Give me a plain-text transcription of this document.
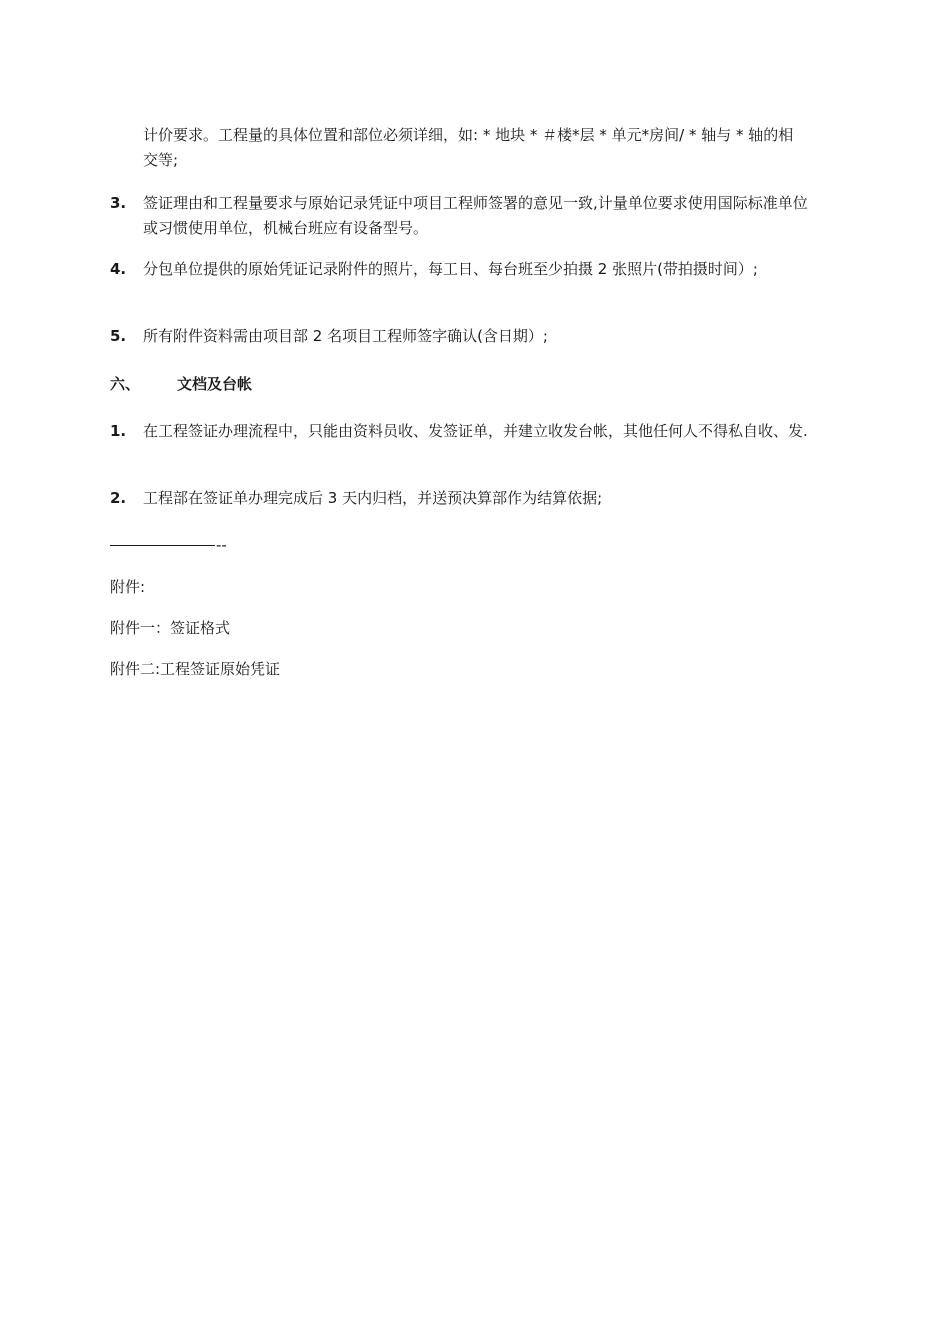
计价要求。工程量的具体位置和部位必须详细，如: * 地块 * ＃楼*层 * 单元*房间/ * 轴与 * 轴的相交等;

3. 签证理由和工程量要求与原始记录凭证中项目工程师签署的意见一致,计量单位要求使用国际标准单位或习惯使用单位，机械台班应有设备型号。

4. 分包单位提供的原始凭证记录附件的照片，每工日、每台班至少拍摄 2 张照片(带拍摄时间）;

5. 所有附件资料需由项目部 2 名项目工程师签字确认(含日期）;

六、 文档及台帐
1. 在工程签证办理流程中，只能由资料员收、发签证单，并建立收发台帐，其他任何人不得私自收、发.

2. 工程部在签证单办理完成后 3 天内归档，并送预决算部作为结算依据;

--
附件:
附件一：签证格式
附件二:工程签证原始凭证
